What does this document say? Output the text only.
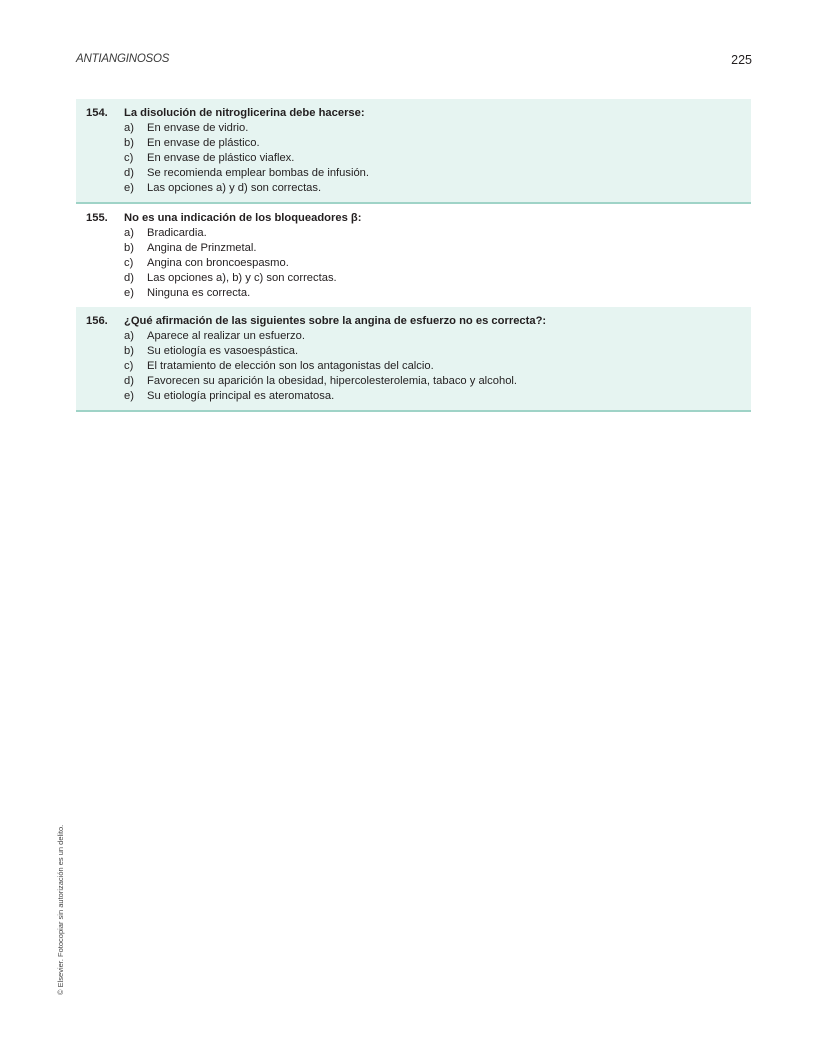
ANTIANGINOSOS	225
154.	La disolución de nitroglicerina debe hacerse:
a)	En envase de vidrio.
b)	En envase de plástico.
c)	En envase de plástico viaflex.
d)	Se recomienda emplear bombas de infusión.
e)	Las opciones a) y d) son correctas.
155.	No es una indicación de los bloqueadores β:
a)	Bradicardia.
b)	Angina de Prinzmetal.
c)	Angina con broncoespasmo.
d)	Las opciones a), b) y c) son correctas.
e)	Ninguna es correcta.
156.	¿Qué afirmación de las siguientes sobre la angina de esfuerzo no es correcta?:
a)	Aparece al realizar un esfuerzo.
b)	Su etiología es vasoespástica.
c)	El tratamiento de elección son los antagonistas del calcio.
d)	Favorecen su aparición la obesidad, hipercolesterolemia, tabaco y alcohol.
e)	Su etiología principal es ateromatosa.
© Elsevier. Fotocopiar sin autorización es un delito.
